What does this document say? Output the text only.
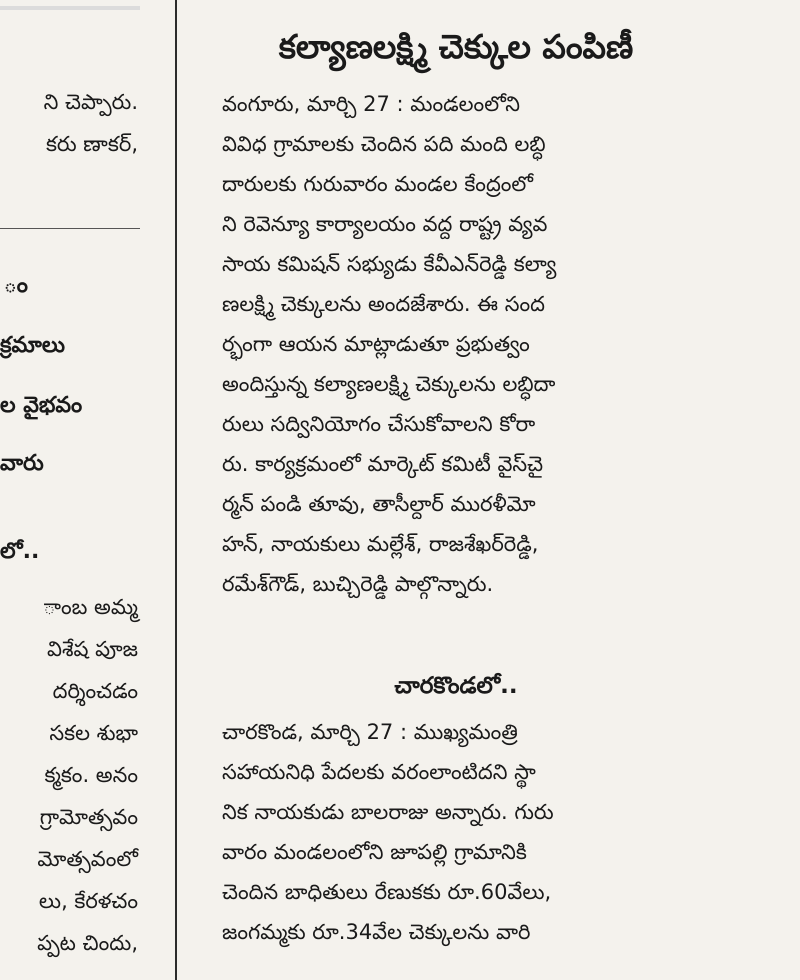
ని చెప్పారు.
కరు ణాకర్,
ం
క్రమాలు
ల వైభవం
వారు
లో..
ాంబ అమ్మ
విశేష పూజ
దర్శించడం
సకల శుభా
క్మకం. అనం
గ్రామోత్సవం
మోత్సవంలో
లు, కేరళచం
ప్పట చిందు,
కల్యాణలక్ష్మి చెక్కుల పంపిణీ
వంగూరు, మార్చి 27 : మండలంలోని
వివిధ గ్రామాలకు చెందిన పది మంది లబ్ధి
దారులకు గురువారం మండల కేంద్రంలో
ని రెవెన్యూ కార్యాలయం వద్ద రాష్ట్ర వ్యవ
సాయ కమిషన్ సభ్యుడు కేవీఎన్‌రెడ్డి కల్యా
ణలక్ష్మి చెక్కులను అందజేశారు. ఈ సంద
ర్భంగా ఆయన మాట్లాడుతూ ప్రభుత్వం
అందిస్తున్న కల్యాణలక్ష్మి చెక్కులను లబ్ధిదా
రులు సద్వినియోగం చేసుకోవాలని కోరా
రు. కార్యక్రమంలో మార్కెట్ కమిటీ వైస్‌చై
ర్మన్ పండి తూవు, తాసీల్దార్ మురళీమో
హన్, నాయకులు మల్లేశ్, రాజశేఖర్‌రెడ్డి,
రమేశ్‌గౌడ్, బుచ్చిరెడ్డి పాల్గొన్నారు.
చారకొండలో..
చారకొండ, మార్చి 27 : ముఖ్యమంత్రి
సహాయనిధి పేదలకు వరంలాంటిదని స్థా
నిక నాయకుడు బాలరాజు అన్నారు. గురు
వారం మండలంలోని జూపల్లి గ్రామానికి
చెందిన బాధితులు రేణుకకు రూ.60వేలు,
జంగమ్మకు రూ.34వేల చెక్కులను వారి
